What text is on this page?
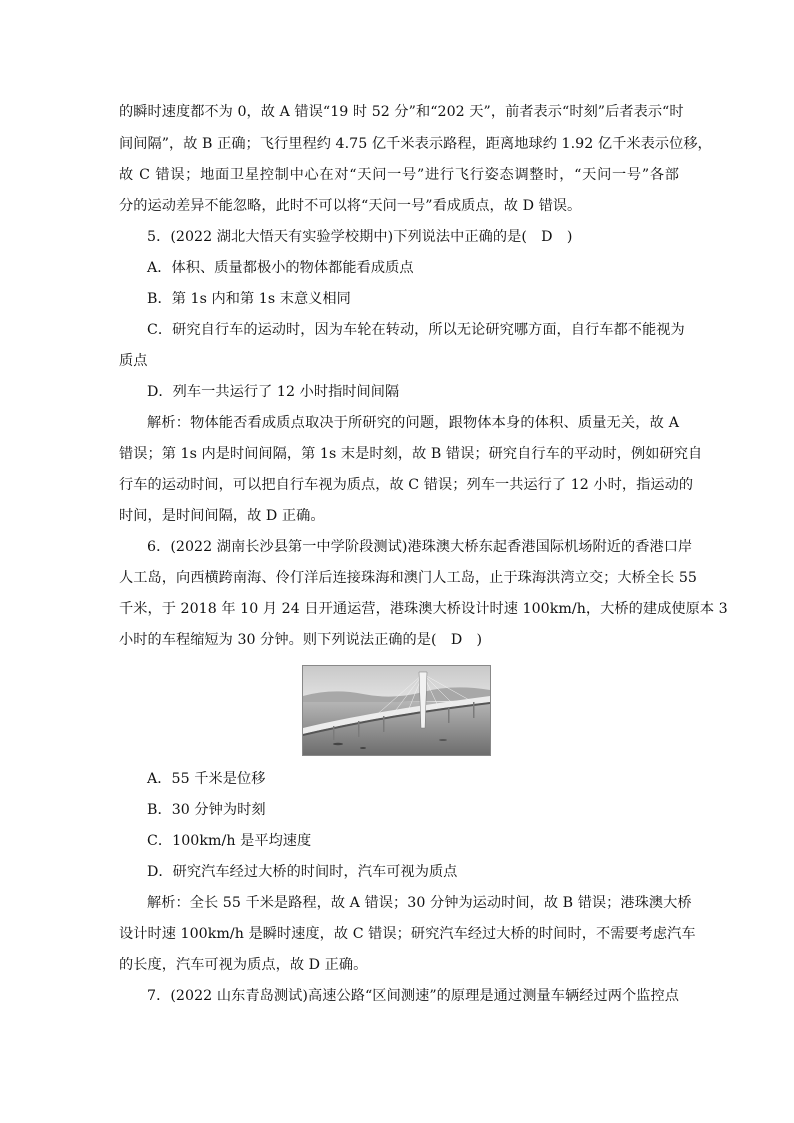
的瞬时速度都不为 0，故 A 错误“19 时 52 分”和“202 天”，前者表示“时刻”后者表示“时
间间隔”，故 B 正确；飞行里程约 4.75 亿千米表示路程，距离地球约 1.92 亿千米表示位移，
故 C 错误；地面卫星控制中心在对“天问一号”进行飞行姿态调整时，“天问一号”各部
分的运动差异不能忽略，此时不可以将“天问一号”看成质点，故 D 错误。
5．(2022 湖北大悟天有实验学校期中)下列说法中正确的是(　D　)
A．体积、质量都极小的物体都能看成质点
B．第 1s 内和第 1s 末意义相同
C．研究自行车的运动时，因为车轮在转动，所以无论研究哪方面，自行车都不能视为
质点
D．列车一共运行了 12 小时指时间间隔
解析：物体能否看成质点取决于所研究的问题，跟物体本身的体积、质量无关，故 A
错误；第 1s 内是时间间隔，第 1s 末是时刻，故 B 错误；研究自行车的平动时，例如研究自
行车的运动时间，可以把自行车视为质点，故 C 错误；列车一共运行了 12 小时，指运动的
时间，是时间间隔，故 D 正确。
6．(2022 湖南长沙县第一中学阶段测试)港珠澳大桥东起香港国际机场附近的香港口岸
人工岛，向西横跨南海、伶仃洋后连接珠海和澳门人工岛，止于珠海洪湾立交；大桥全长 55
千米，于 2018 年 10 月 24 日开通运营，港珠澳大桥设计时速 100km/h，大桥的建成使原本 3
小时的车程缩短为 30 分钟。则下列说法正确的是(　D　)
A．55 千米是位移
B．30 分钟为时刻
C．100km/h 是平均速度
D．研究汽车经过大桥的时间时，汽车可视为质点
解析：全长 55 千米是路程，故 A 错误；30 分钟为运动时间，故 B 错误；港珠澳大桥
设计时速 100km/h 是瞬时速度，故 C 错误；研究汽车经过大桥的时间时，不需要考虑汽车
的长度，汽车可视为质点，故 D 正确。
7．(2022 山东青岛测试)高速公路“区间测速”的原理是通过测量车辆经过两个监控点
